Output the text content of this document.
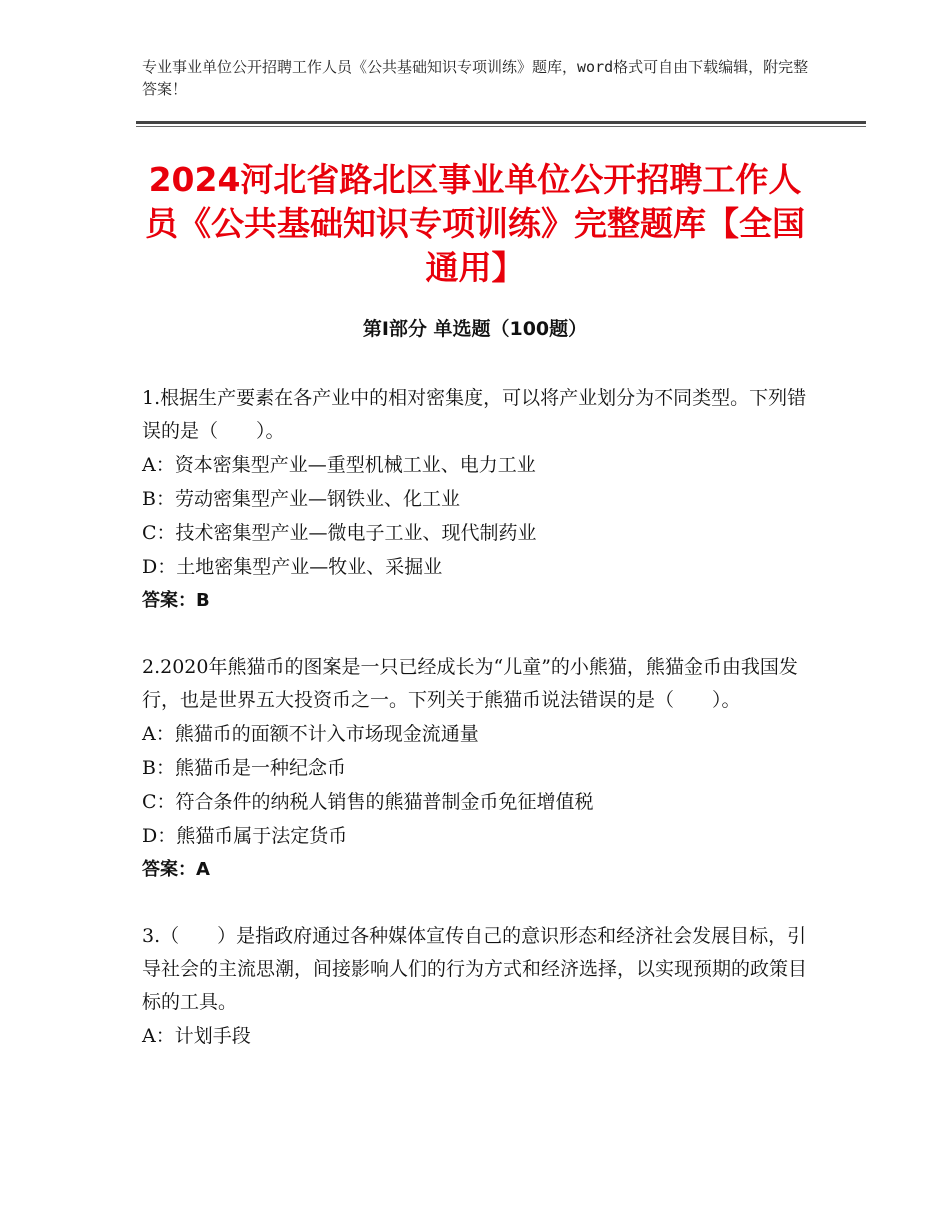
专业事业单位公开招聘工作人员《公共基础知识专项训练》题库，word格式可自由下载编辑，附完整答案！
2024河北省路北区事业单位公开招聘工作人员《公共基础知识专项训练》完整题库【全国通用】
第Ⅰ部分 单选题（100题）

1.根据生产要素在各产业中的相对密集度，可以将产业划分为不同类型。下列错误的是（　　）。

A：资本密集型产业—重型机械工业、电力工业

B：劳动密集型产业—钢铁业、化工业

C：技术密集型产业—微电子工业、现代制药业

D：土地密集型产业—牧业、采掘业

答案：B

2.2020年熊猫币的图案是一只已经成长为“儿童”的小熊猫，熊猫金币由我国发行，也是世界五大投资币之一。下列关于熊猫币说法错误的是（　　）。

A：熊猫币的面额不计入市场现金流通量

B：熊猫币是一种纪念币

C：符合条件的纳税人销售的熊猫普制金币免征增值税

D：熊猫币属于法定货币

答案：A

3.（　　）是指政府通过各种媒体宣传自己的意识形态和经济社会发展目标，引导社会的主流思潮，间接影响人们的行为方式和经济选择，以实现预期的政策目标的工具。

A：计划手段
